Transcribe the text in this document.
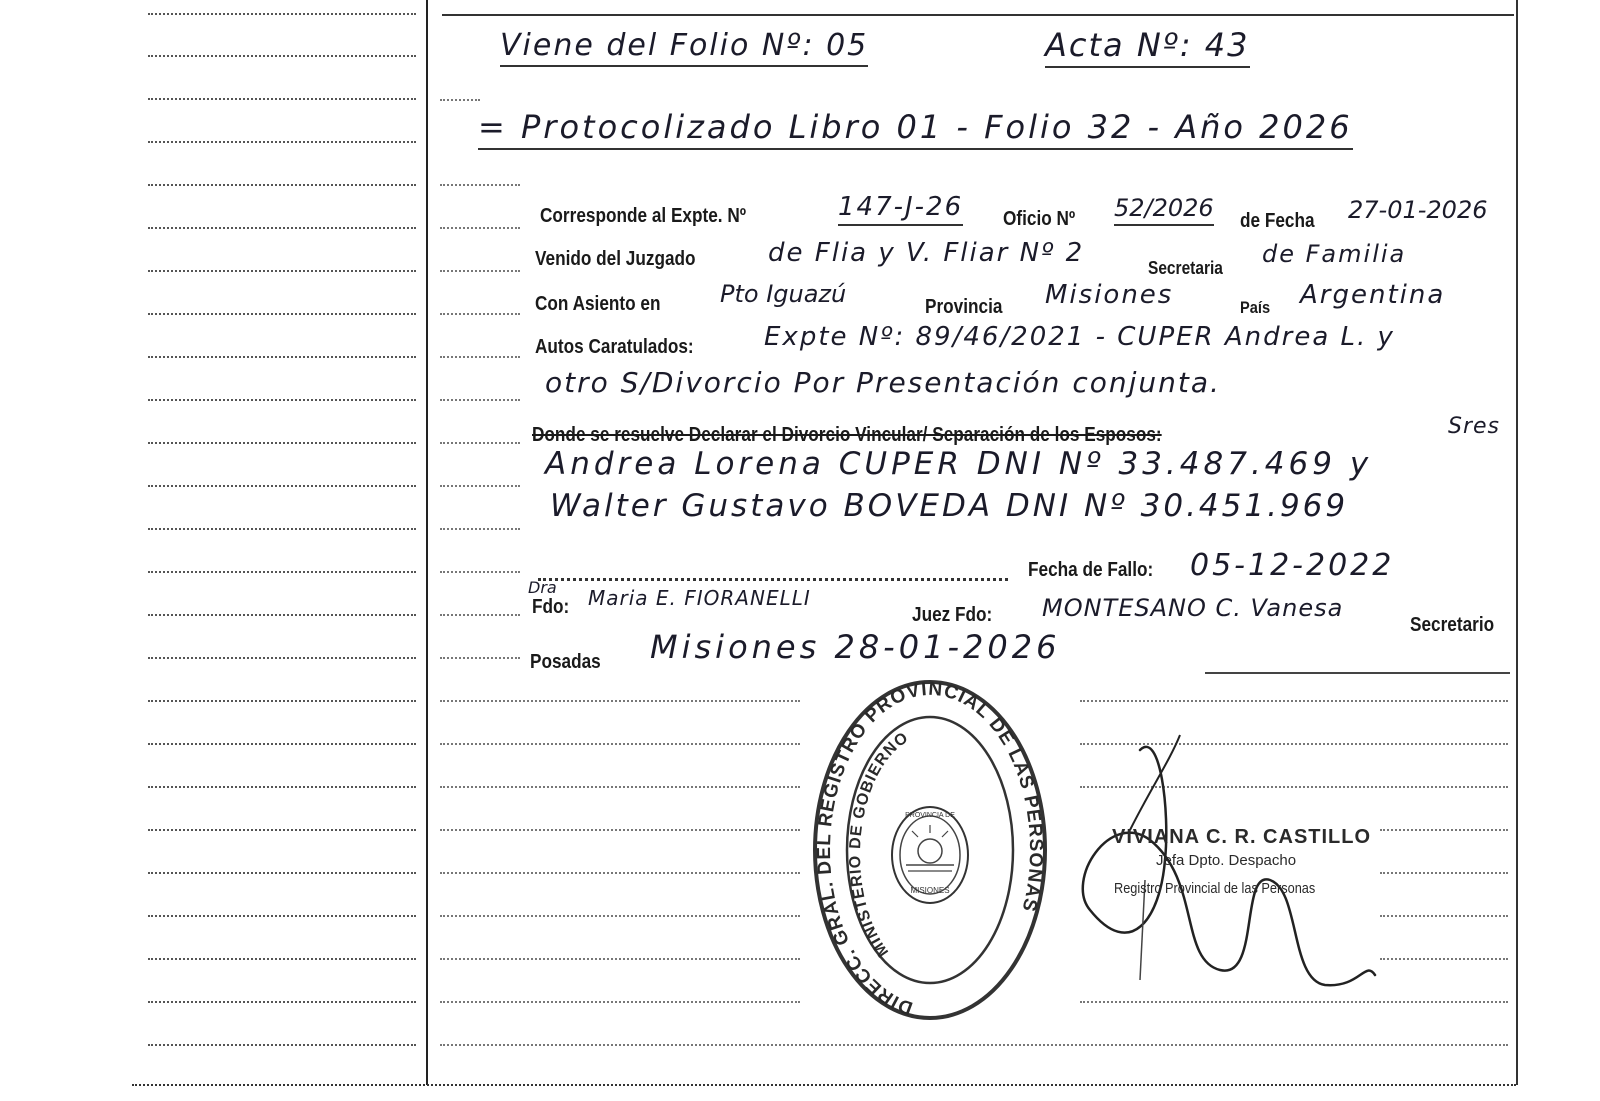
Viene del Folio Nº: 05	Acta Nº: 43
= Protocolizado Libro 01 - Folio 32 - Año 2026
Corresponde al Expte. Nº	147-J-26 Oficio Nº 52/2026 de Fecha 27-01-2026
Venido del Juzgado	de Flia y V. Fliar Nº 2	Secretaria de Familia
Con Asiento en Pto Iguazú	Provincia Misiones	País Argentina
Autos Caratulados:	Expte Nº: 89/46/2021 - CUPER Andrea L. y
otro S/Divorcio Por Presentación conjunta.
Donde se resuelve Declarar el Divorcio Vincular/ Separación de los Esposos:	Sres
Andrea Lorena CUPER DNI Nº 33.487.469 y
Walter Gustavo BOVEDA DNI Nº 30.451.969
Fecha de Fallo: 05-12-2022
Dra
Fdo: Maria E. FIORANELLI
Juez Fdo: MONTESANO C. Vanesa
Secretario
Posadas Misiones 28-01-2026
DIRECC. GRAL. DEL REGISTRO PROVINCIAL DE LAS PERSONAS
MINISTERIO DE GOBIERNO
PROVINCIA DE
MISIONES
VIVIANA C. R. CASTILLO
Jefa Dpto. Despacho
Registro Provincial de las Personas
